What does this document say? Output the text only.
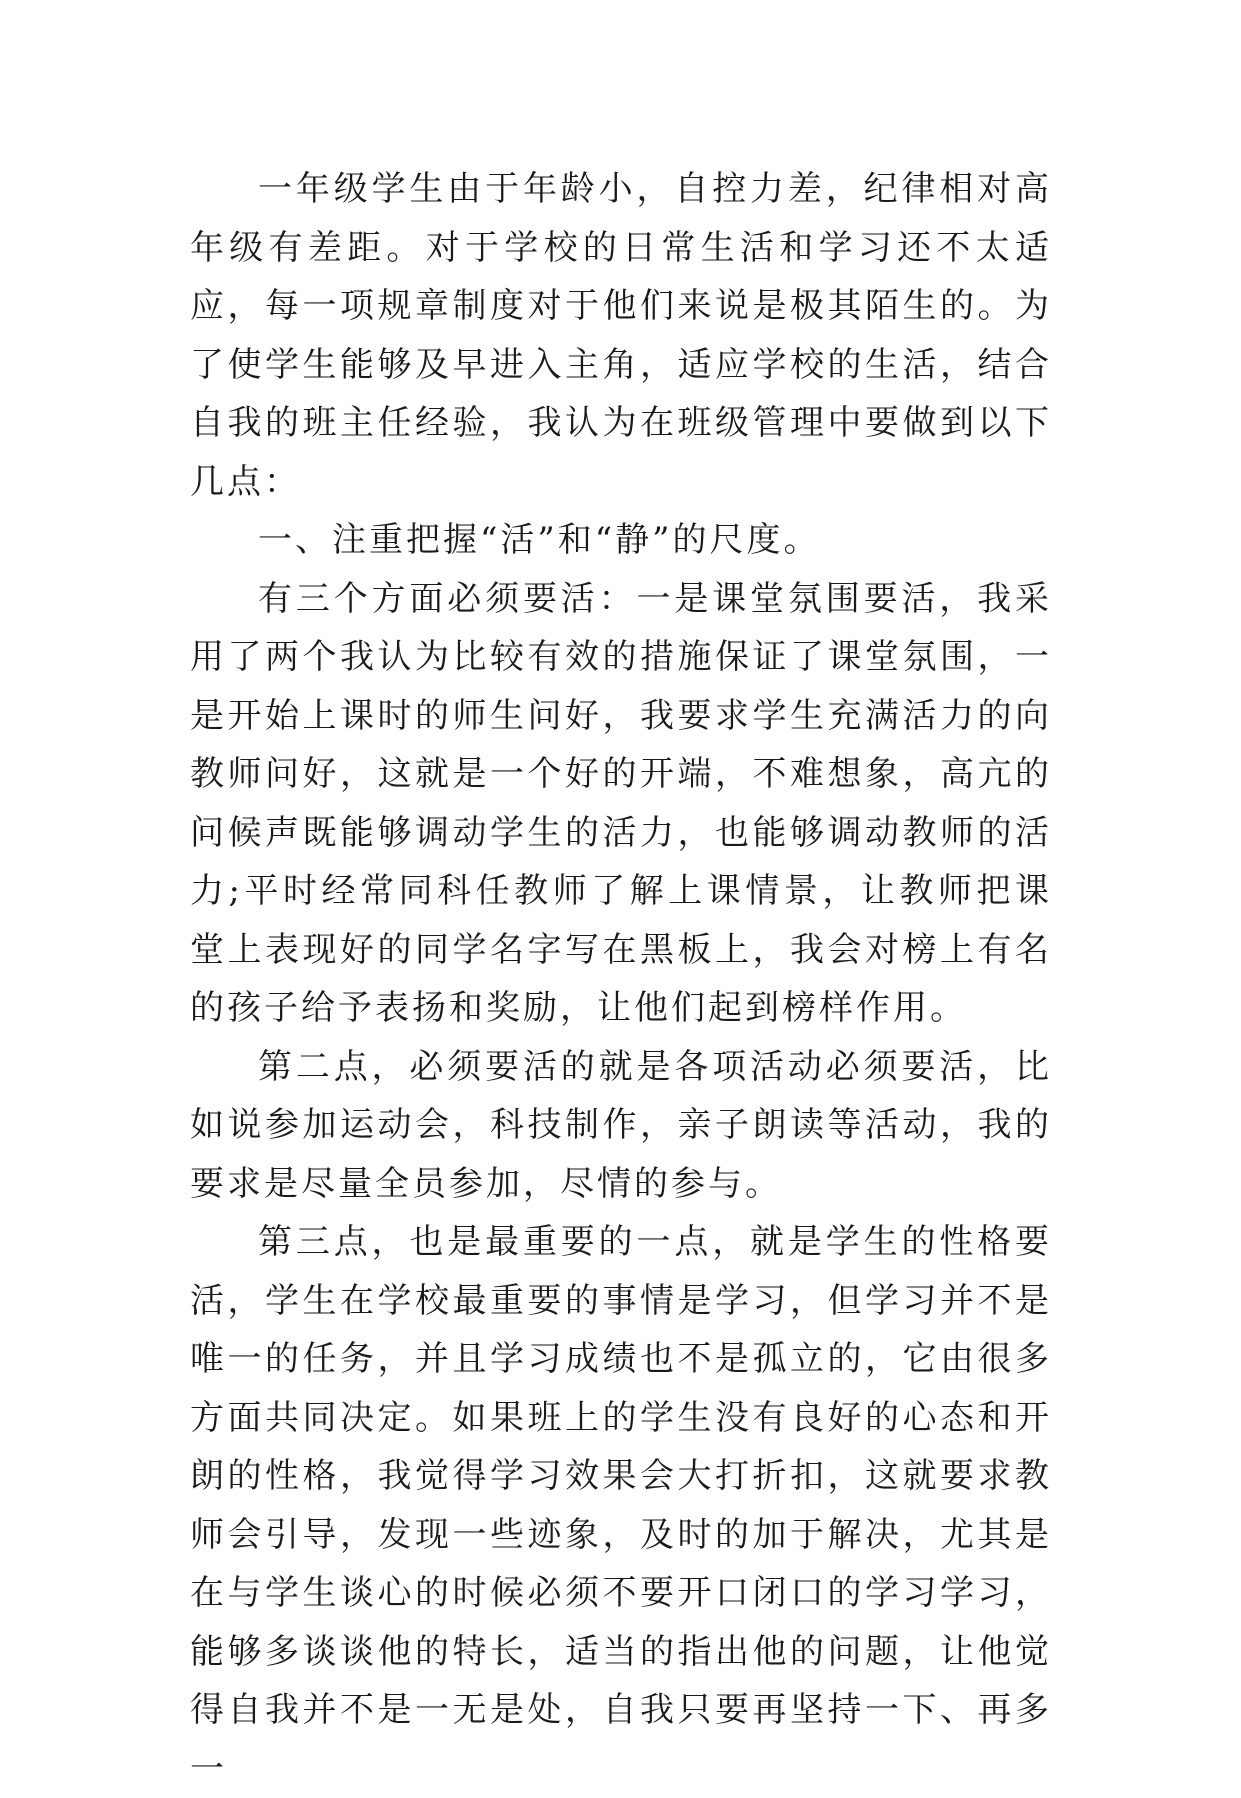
一年级学生由于年龄小，自控力差，纪律相对高年级有差距。对于学校的日常生活和学习还不太适应，每一项规章制度对于他们来说是极其陌生的。为了使学生能够及早进入主角，适应学校的生活，结合自我的班主任经验，我认为在班级管理中要做到以下几点：

一、注重把握“活”和“静”的尺度。

有三个方面必须要活：一是课堂氛围要活，我采用了两个我认为比较有效的措施保证了课堂氛围，一是开始上课时的师生问好，我要求学生充满活力的向教师问好，这就是一个好的开端，不难想象，高亢的问候声既能够调动学生的活力，也能够调动教师的活力;平时经常同科任教师了解上课情景，让教师把课堂上表现好的同学名字写在黑板上，我会对榜上有名的孩子给予表扬和奖励，让他们起到榜样作用。

第二点，必须要活的就是各项活动必须要活，比如说参加运动会，科技制作，亲子朗读等活动，我的要求是尽量全员参加，尽情的参与。

第三点，也是最重要的一点，就是学生的性格要活，学生在学校最重要的事情是学习，但学习并不是唯一的任务，并且学习成绩也不是孤立的，它由很多方面共同决定。如果班上的学生没有良好的心态和开朗的性格，我觉得学习效果会大打折扣，这就要求教师会引导，发现一些迹象，及时的加于解决，尤其是在与学生谈心的时候必须不要开口闭口的学习学习，能够多谈谈他的特长，适当的指出他的问题，让他觉得自我并不是一无是处，自我只要再坚持一下、再多一
